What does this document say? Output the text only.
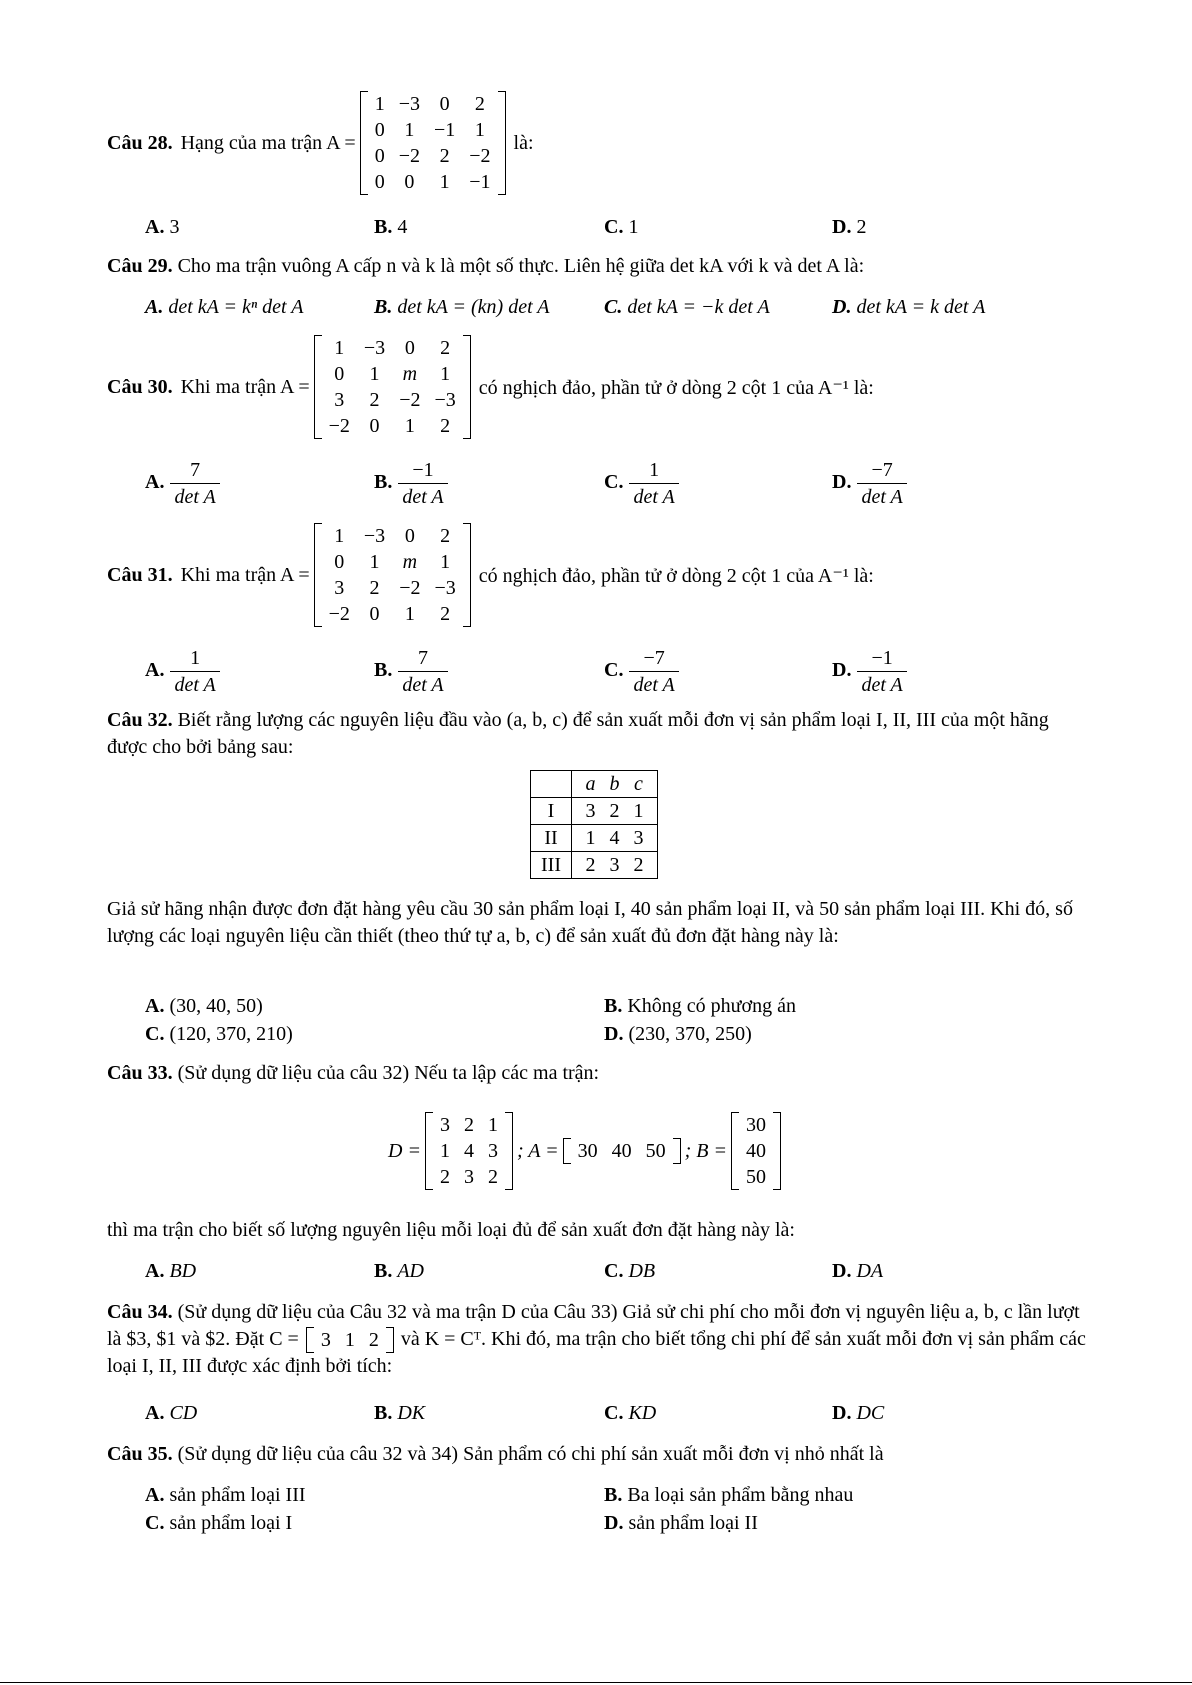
Câu 28. Hạng của ma trận A =
1	−3	0	2
0	1	−1	1
0	−2	2	−2
0	0	1	−1
là:
A. 3	B. 4	C. 1	D. 2
Câu 29. Cho ma trận vuông A cấp n và k là một số thực. Liên hệ giữa det kA với k và det A là:
A. det kA = kⁿ det A	B. det kA = (kn) det A	C. det kA = −k det A	D. det kA = k det A
Câu 30. Khi ma trận A =
1	−3	0	2
0	1	m	1
3	2	−2	−3
−2	0	1	2
có nghịch đảo, phần tử ở dòng 2 cột 1 của A⁻¹ là:
A. $\frac{7}{\text{det A}}$	B. $\frac{-1}{\text{det A}}$	C. $\frac{1}{\text{det A}}$	D. $\frac{-7}{\text{det A}}$
Câu 31. Khi ma trận A =
1	−3	0	2
0	1	m	1
3	2	−2	−3
−2	0	1	2
có nghịch đảo, phần tử ở dòng 2 cột 1 của A⁻¹ là:
A. $\frac{1}{\text{det A}}$	B. $\frac{7}{\text{det A}}$	C. $\frac{-7}{\text{det A}}$	D. $\frac{-1}{\text{det A}}$
Câu 32. Biết rằng lượng các nguyên liệu đầu vào (a, b, c) để sản xuất mỗi đơn vị sản phẩm loại I, II, III của một hãng được cho bởi bảng sau:
	a b c
I	3 2 1
II	1 4 3
III	2 3 2
Giả sử hãng nhận được đơn đặt hàng yêu cầu 30 sản phẩm loại I, 40 sản phẩm loại II, và 50 sản phẩm loại III. Khi đó, số lượng các loại nguyên liệu cần thiết (theo thứ tự a, b, c) để sản xuất đủ đơn đặt hàng này là:
A. (30, 40, 50)	B. Không có phương án
C. (120, 370, 210)	D. (230, 370, 250)
Câu 33. (Sử dụng dữ liệu của câu 32) Nếu ta lập các ma trận:
D =
3	2	1
1	4	3
2	3	2
; A = 30	40	50 ; B =
30
40
50
thì ma trận cho biết số lượng nguyên liệu mỗi loại đủ để sản xuất đơn đặt hàng này là:
A. BD	B. AD	C. DB	D. DA
Câu 34. (Sử dụng dữ liệu của Câu 32 và ma trận D của Câu 33) Giả sử chi phí cho mỗi đơn vị nguyên liệu a, b, c lần lượt là $3, $1 và $2. Đặt C = 3	1	2 và K = Cᵀ. Khi đó, ma trận cho biết tổng chi phí để sản xuất mỗi đơn vị sản phẩm các loại I, II, III được xác định bởi tích:
A. CD	B. DK	C. KD	D. DC
Câu 35. (Sử dụng dữ liệu của câu 32 và 34) Sản phẩm có chi phí sản xuất mỗi đơn vị nhỏ nhất là
A. sản phẩm loại III	B. Ba loại sản phẩm bằng nhau
C. sản phẩm loại I	D. sản phẩm loại II
